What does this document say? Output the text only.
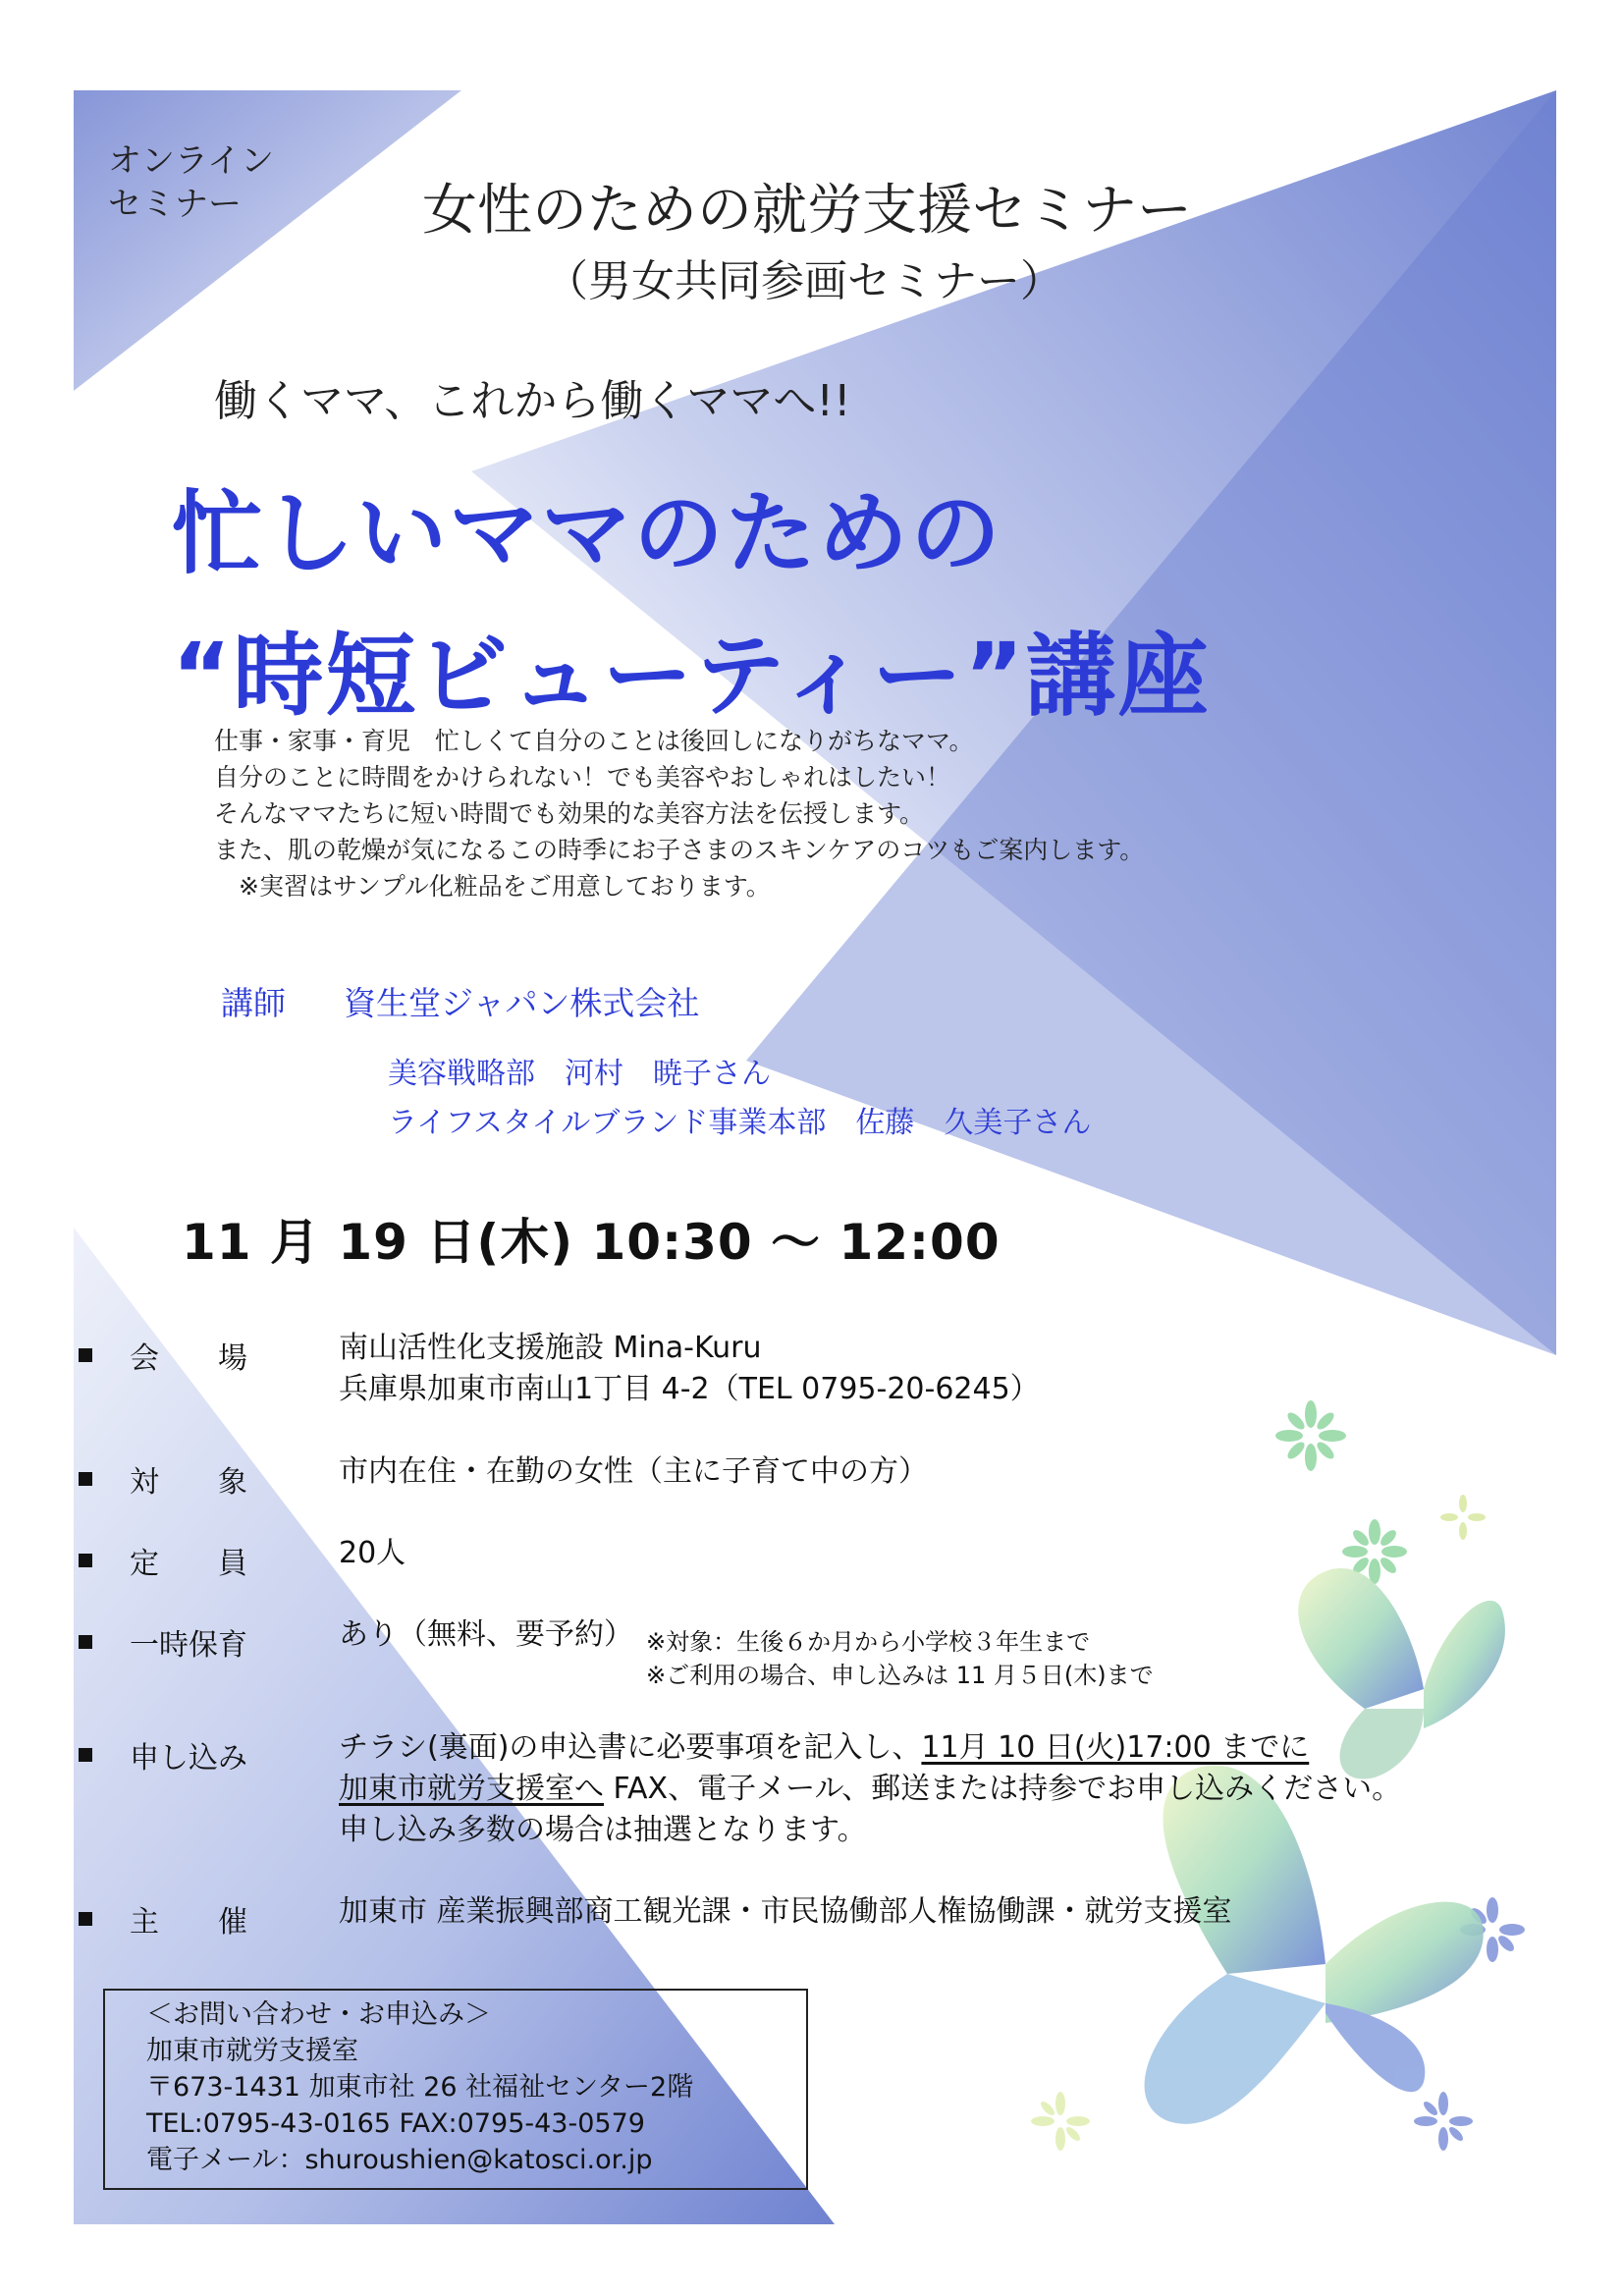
オンライン
セミナー	女性のための就労支援セミナー
（男女共同参画セミナー）
働くママ、これから働くママへ!!
忙しいママのための
“時短ビューティー”講座
仕事・家事・育児　忙しくて自分のことは後回しになりがちなママ。
自分のことに時間をかけられない！でも美容やおしゃれはしたい！
そんなママたちに短い時間でも効果的な美容方法を伝授します。
また、肌の乾燥が気になるこの時季にお子さまのスキンケアのコツもご案内します。
　※実習はサンプル化粧品をご用意しております。
講師 資生堂ジャパン株式会社
美容戦略部　河村　暁子さん
ライフスタイルブランド事業本部　佐藤　久美子さん
11 月 19 日(木) 10:30 ～ 12:00
会　　場	南山活性化支援施設 Mina-Kuru
兵庫県加東市南山1丁目 4-2（TEL 0795-20-6245）
対　　象	市内在住・在勤の女性（主に子育て中の方）
定　　員	20人
一時保育	あり（無料、要予約） ※対象：生後６か月から小学校３年生まで
※ご利用の場合、申し込みは 11 月５日(木)まで
申し込み	チラシ(裏面)の申込書に必要事項を記入し、11月 10 日(火)17:00 までに
加東市就労支援室へ FAX、電子メール、郵送または持参でお申し込みください。
申し込み多数の場合は抽選となります。
主　　催	加東市 産業振興部商工観光課・市民協働部人権協働課・就労支援室
＜お問い合わせ・お申込み＞
加東市就労支援室
〒673-1431 加東市社 26 社福祉センター2階
TEL:0795-43-0165 FAX:0795-43-0579
電子メール：shuroushien@katosci.or.jp
